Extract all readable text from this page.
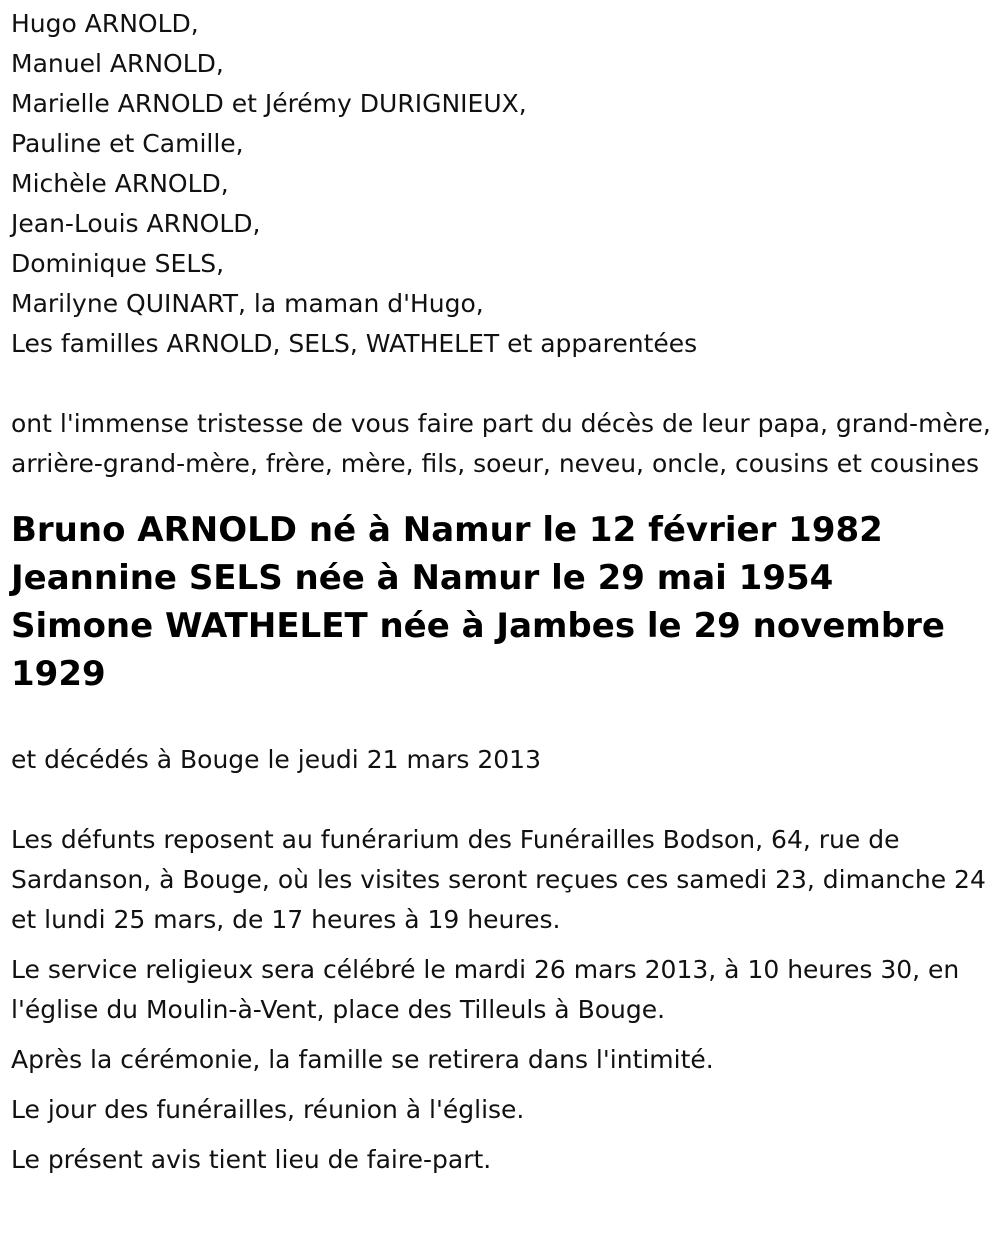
Hugo ARNOLD,
Manuel ARNOLD,
Marielle ARNOLD et Jérémy DURIGNIEUX,
Pauline et Camille,
Michèle ARNOLD,
Jean-Louis ARNOLD,
Dominique SELS,
Marilyne QUINART, la maman d'Hugo,
Les familles ARNOLD, SELS, WATHELET et apparentées

ont l'immense tristesse de vous faire part du décès de leur papa, grand-mère, arrière-grand-mère, frère, mère, fils, soeur, neveu, oncle, cousins et cousines

Bruno ARNOLD né à Namur le 12 février 1982
Jeannine SELS née à Namur le 29 mai 1954
Simone WATHELET née à Jambes le 29 novembre 1929

et décédés à Bouge le jeudi 21 mars 2013

Les défunts reposent au funérarium des Funérailles Bodson, 64, rue de Sardanson, à Bouge, où les visites seront reçues ces samedi 23, dimanche 24 et lundi 25 mars, de 17 heures à 19 heures.

Le service religieux sera célébré le mardi 26 mars 2013, à 10 heures 30, en l'église du Moulin-à-Vent, place des Tilleuls à Bouge.

Après la cérémonie, la famille se retirera dans l'intimité.

Le jour des funérailles, réunion à l'église.

Le présent avis tient lieu de faire-part.
